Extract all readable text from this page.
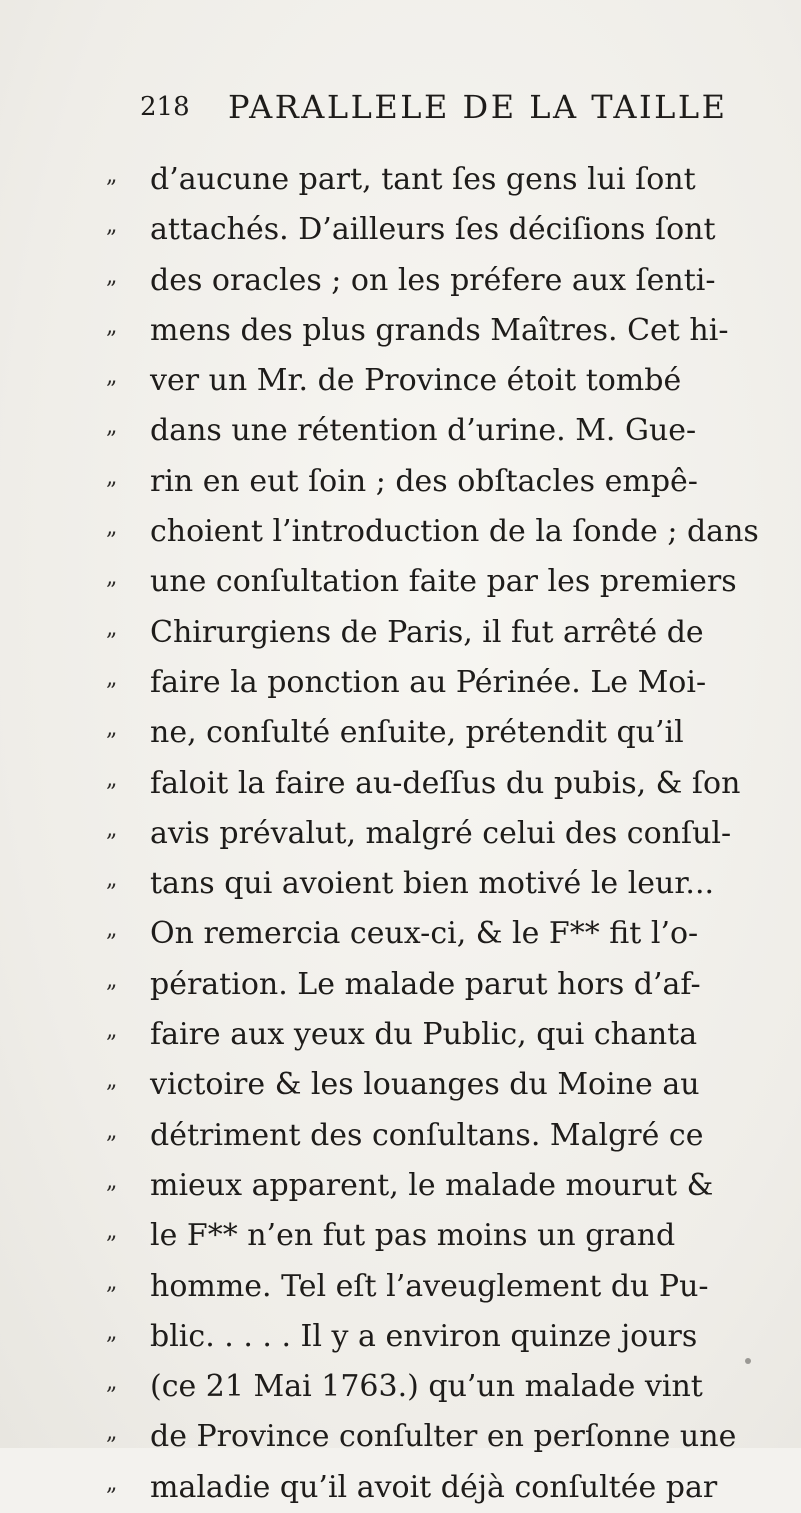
218 PARALLELE DE LA TAILLE
„ d’aucune part, tant ſes gens lui ſont
„ attachés. D’ailleurs ſes déciſions ſont
„ des oracles ; on les préfere aux ſenti-
„ mens des plus grands Maîtres. Cet hi-
„ ver un Mr. de Province étoit tombé
„ dans une rétention d’urine. M. Gue-
„ rin en eut ſoin ; des obſtacles empê-
„ choient l’introduction de la ſonde ; dans
„ une conſultation faite par les premiers
„ Chirurgiens de Paris, il fut arrêté de
„ faire la ponction au Périnée. Le Moi-
„ ne, conſulté enſuite, prétendit qu’il
„ faloit la faire au-deſſus du pubis, & ſon
„ avis prévalut, malgré celui des conſul-
„ tans qui avoient bien motivé le leur...
„ On remercia ceux-ci, & le F** fit l’o-
„ pération. Le malade parut hors d’af-
„ faire aux yeux du Public, qui chanta
„ victoire & les louanges du Moine au
„ détriment des conſultans. Malgré ce
„ mieux apparent, le malade mourut &
„ le F** n’en fut pas moins un grand
„ homme. Tel eſt l’aveuglement du Pu-
„ blic. . . . . Il y a environ quinze jours
„ (ce 21 Mai 1763.) qu’un malade vint
„ de Province conſulter en perſonne une
„ maladie qu’il avoit déjà conſultée par
